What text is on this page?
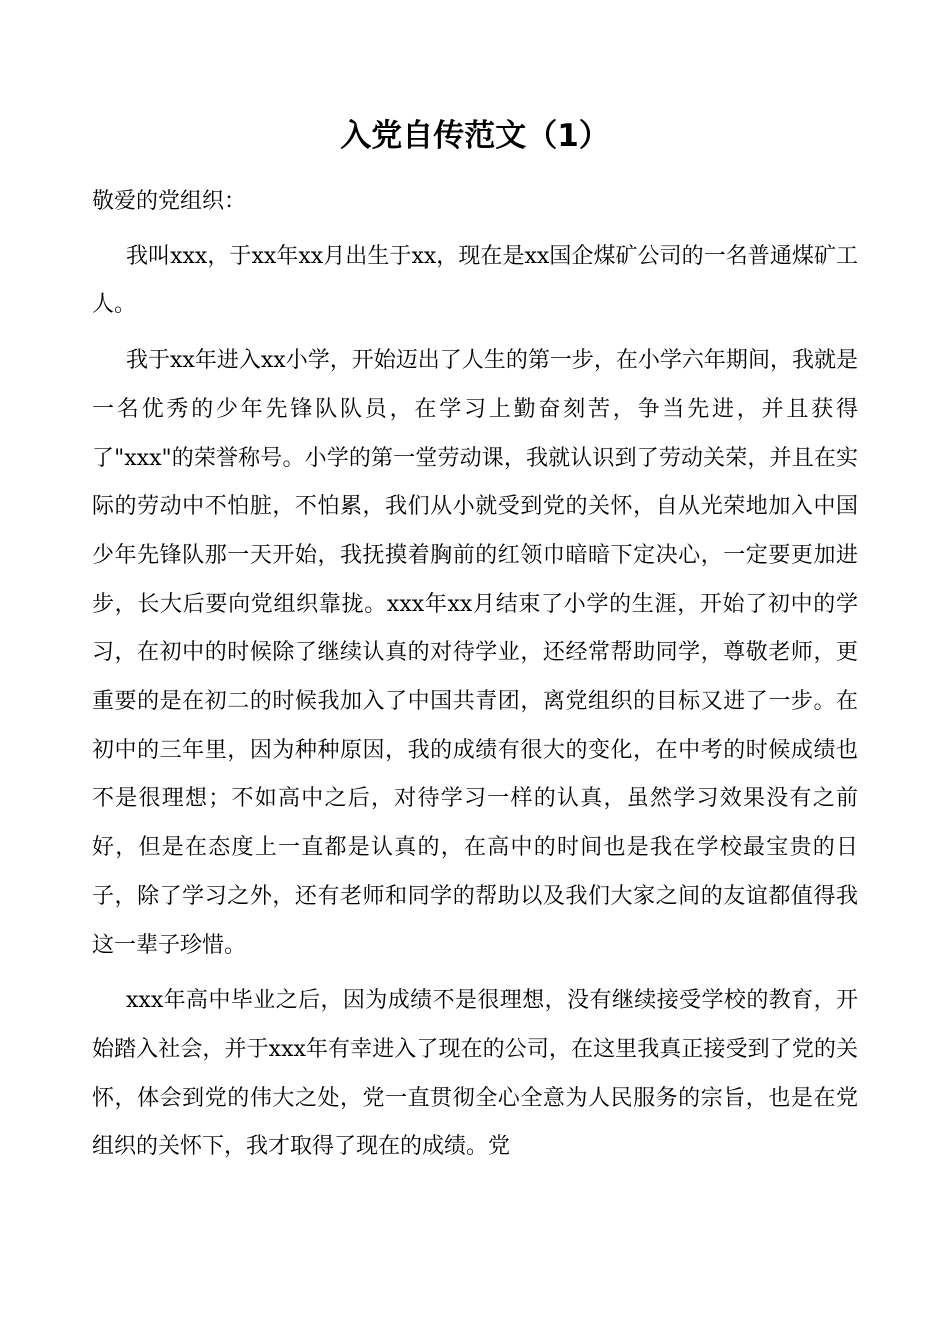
入党自传范文（1）

敬爱的党组织：

我叫xxx，于xx年xx月出生于xx，现在是xx国企煤矿公司的一名普通煤矿工人。

我于xx年进入xx小学，开始迈出了人生的第一步，在小学六年期间，我就是一名优秀的少年先锋队队员，在学习上勤奋刻苦，争当先进，并且获得了"xxx"的荣誉称号。小学的第一堂劳动课，我就认识到了劳动关荣，并且在实际的劳动中不怕脏，不怕累，我们从小就受到党的关怀，自从光荣地加入中国少年先锋队那一天开始，我抚摸着胸前的红领巾暗暗下定决心，一定要更加进步，长大后要向党组织靠拢。xxx年xx月结束了小学的生涯，开始了初中的学习，在初中的时候除了继续认真的对待学业，还经常帮助同学，尊敬老师，更重要的是在初二的时候我加入了中国共青团，离党组织的目标又进了一步。在初中的三年里，因为种种原因，我的成绩有很大的变化，在中考的时候成绩也不是很理想；不如高中之后，对待学习一样的认真，虽然学习效果没有之前好，但是在态度上一直都是认真的，在高中的时间也是我在学校最宝贵的日子，除了学习之外，还有老师和同学的帮助以及我们大家之间的友谊都值得我这一辈子珍惜。

xxx年高中毕业之后，因为成绩不是很理想，没有继续接受学校的教育，开始踏入社会，并于xxx年有幸进入了现在的公司，在这里我真正接受到了党的关怀，体会到党的伟大之处，党一直贯彻全心全意为人民服务的宗旨，也是在党组织的关怀下，我才取得了现在的成绩。党
